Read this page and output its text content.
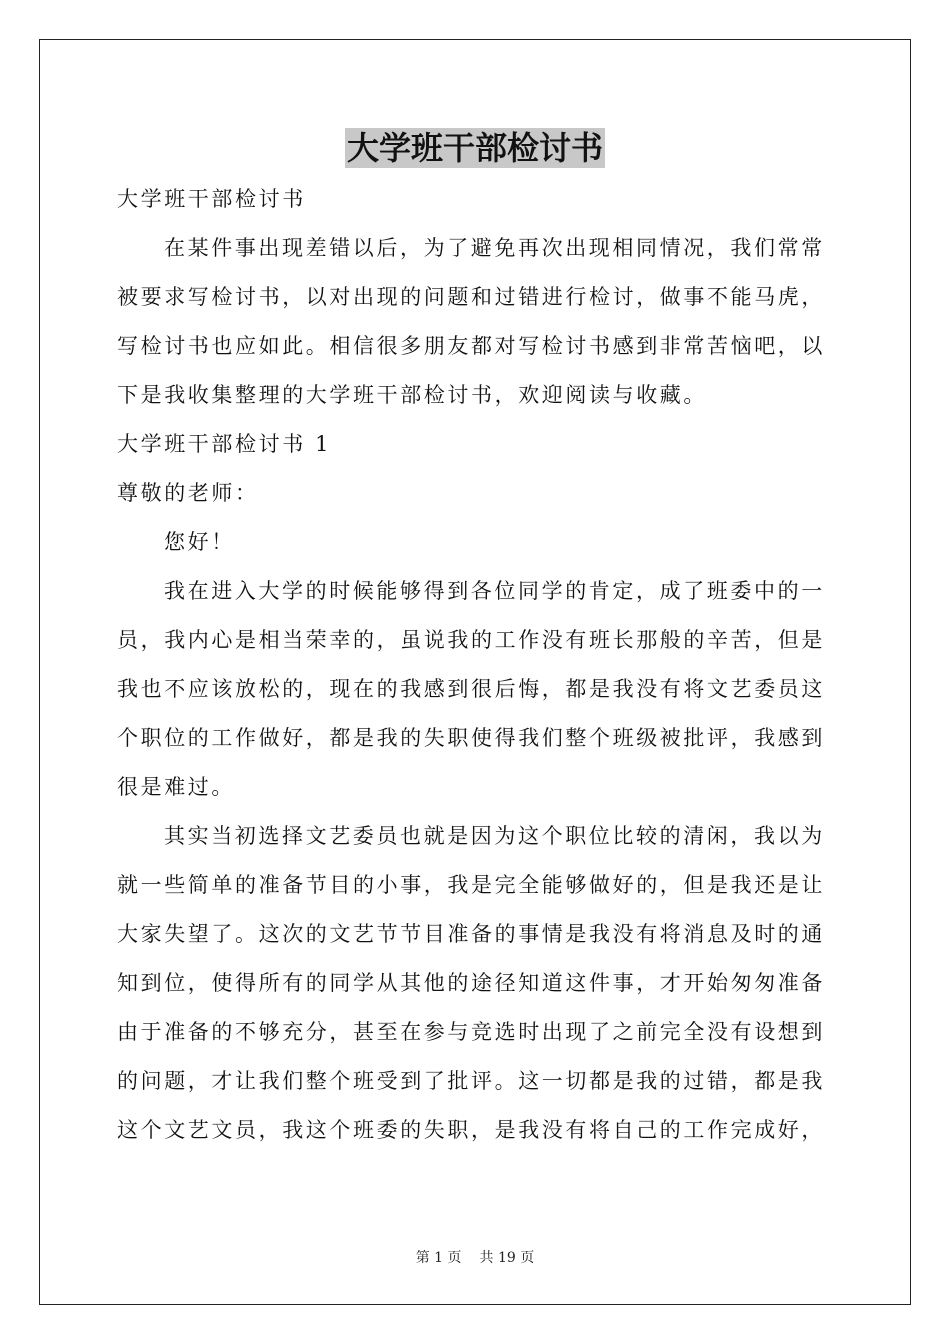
大学班干部检讨书
大学班干部检讨书
在某件事出现差错以后，为了避免再次出现相同情况，我们常常
被要求写检讨书，以对出现的问题和过错进行检讨，做事不能马虎，
写检讨书也应如此。相信很多朋友都对写检讨书感到非常苦恼吧，以
下是我收集整理的大学班干部检讨书，欢迎阅读与收藏。
大学班干部检讨书 1
尊敬的老师：
您好！
我在进入大学的时候能够得到各位同学的肯定，成了班委中的一
员，我内心是相当荣幸的，虽说我的工作没有班长那般的辛苦，但是
我也不应该放松的，现在的我感到很后悔，都是我没有将文艺委员这
个职位的工作做好，都是我的失职使得我们整个班级被批评，我感到
很是难过。
其实当初选择文艺委员也就是因为这个职位比较的清闲，我以为
就一些简单的准备节目的小事，我是完全能够做好的，但是我还是让
大家失望了。这次的文艺节节目准备的事情是我没有将消息及时的通
知到位，使得所有的同学从其他的途径知道这件事，才开始匆匆准备
由于准备的不够充分，甚至在参与竞选时出现了之前完全没有设想到
的问题，才让我们整个班受到了批评。这一切都是我的过错，都是我
这个文艺文员，我这个班委的失职，是我没有将自己的工作完成好，
第 1 页 共 19 页
